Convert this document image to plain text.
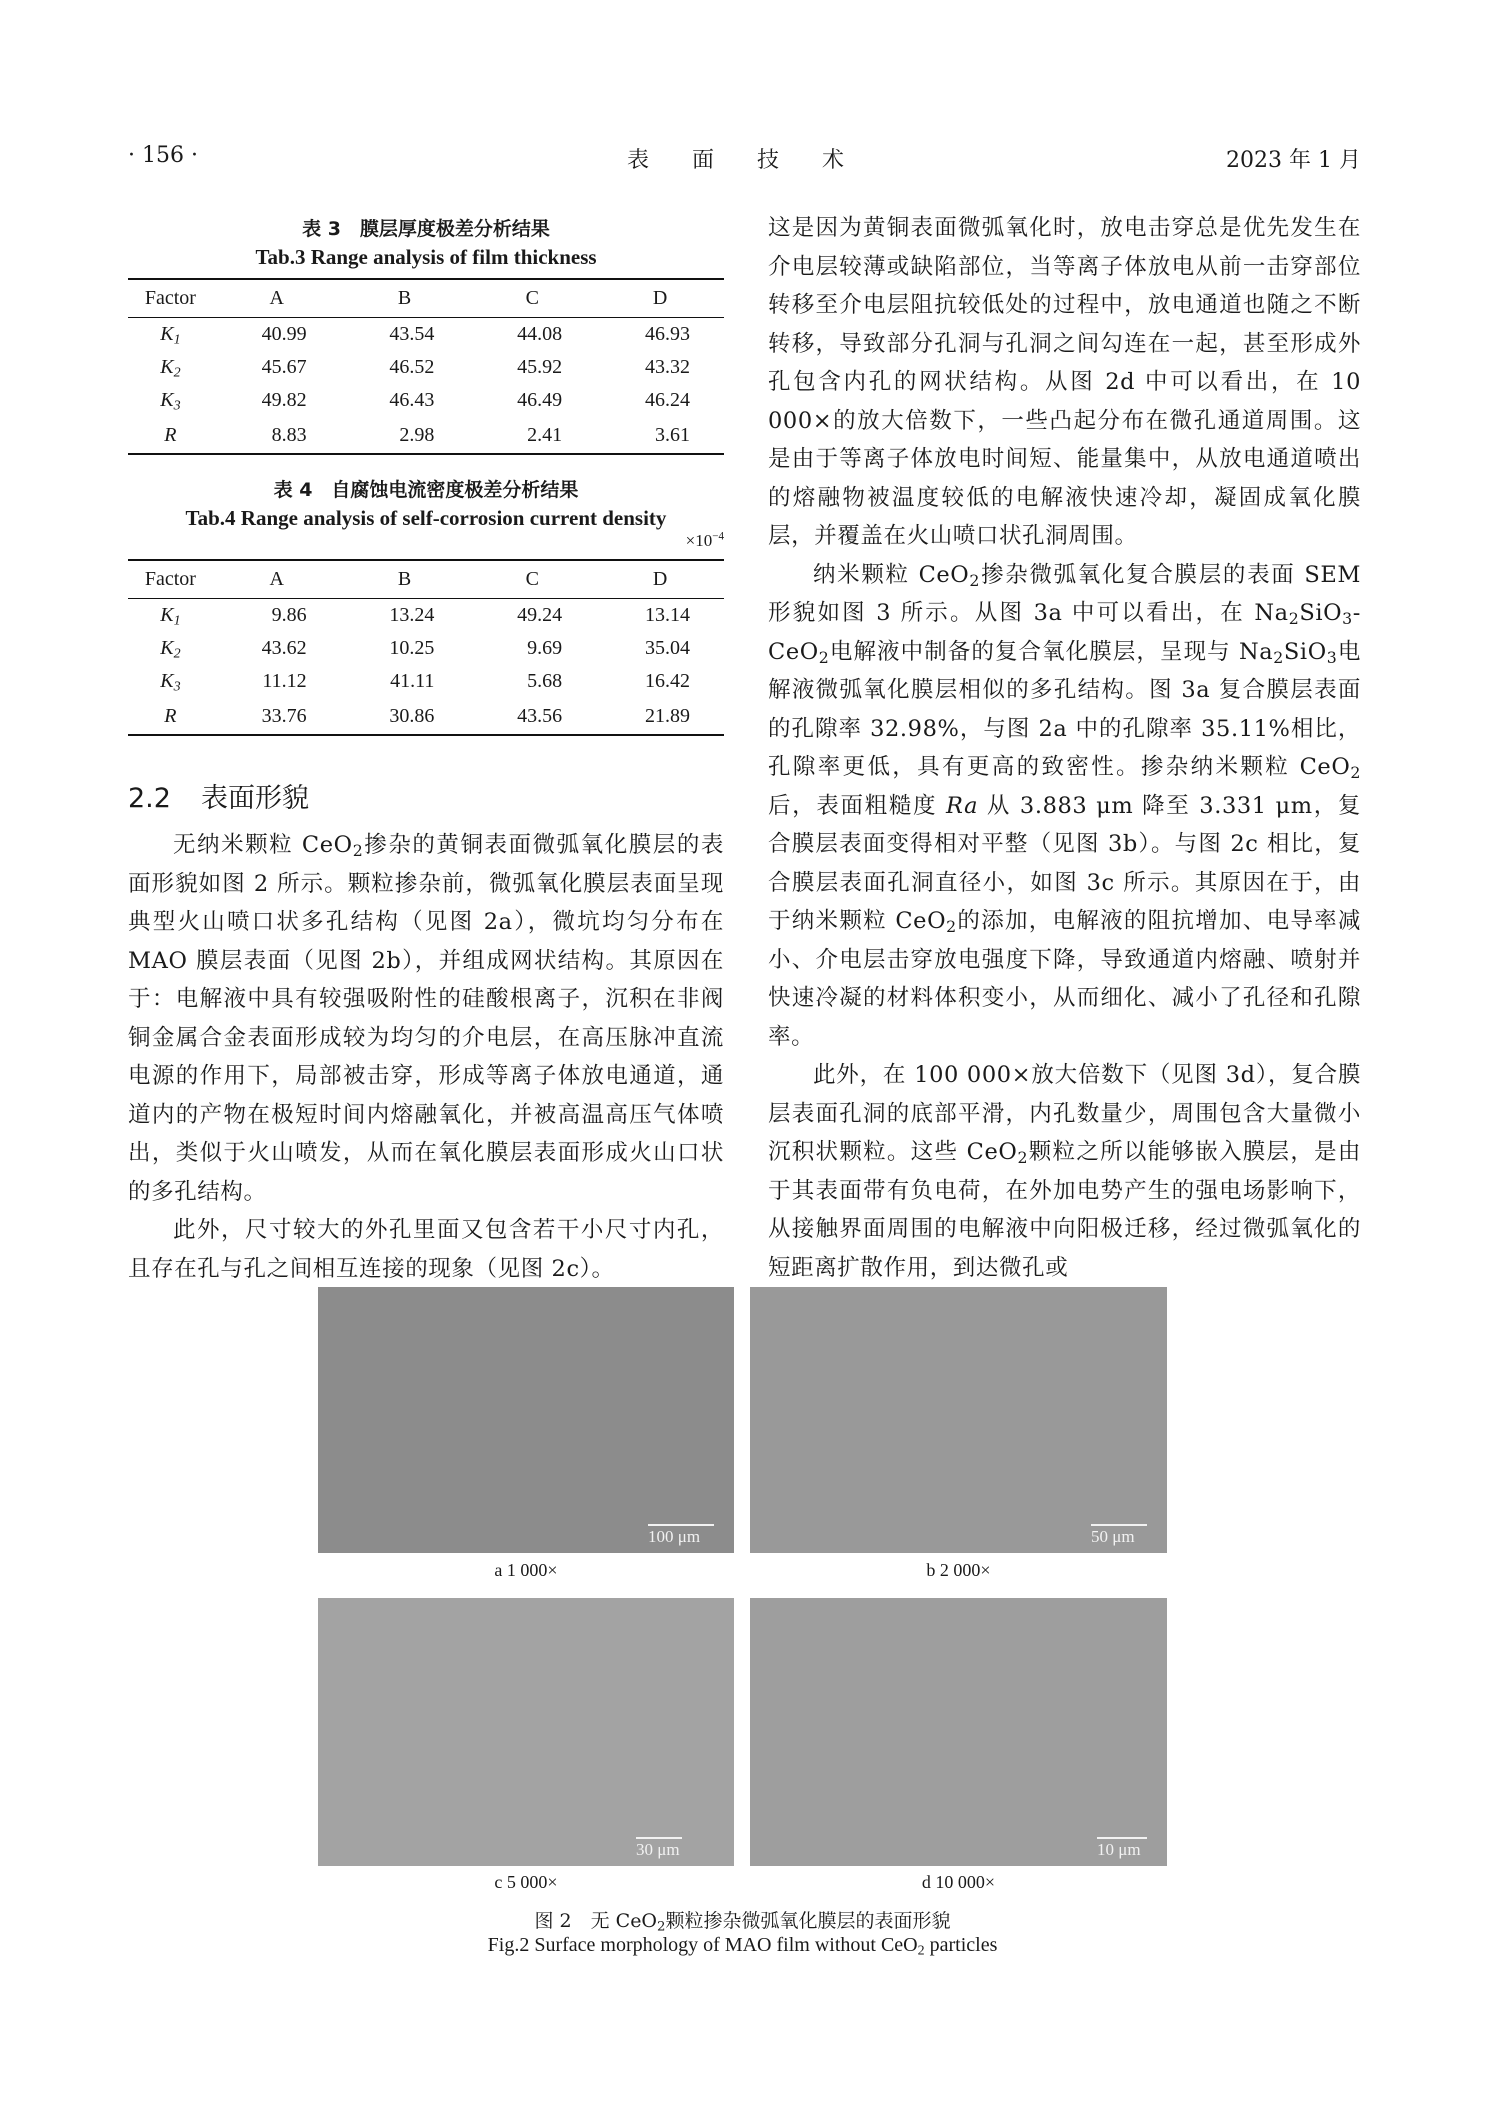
· 156 ·	表 面 技 术	2023 年 1 月
表 3　膜层厚度极差分析结果
Tab.3 Range analysis of film thickness
Factor	A	B	C	D
$K_1$	40.99	43.54	44.08	46.93
$K_2$	45.67	46.52	45.92	43.32
$K_3$	49.82	46.43	46.49	46.24
R	8.83	2.98	2.41	3.61
表 4　自腐蚀电流密度极差分析结果
Tab.4 Range analysis of self-corrosion current density
$\times 10^{-4}$
Factor	A	B	C	D
$K_1$	9.86	13.24	49.24	13.14
$K_2$	43.62	10.25	9.69	35.04
$K_3$	11.12	41.11	5.68	16.42
R	33.76	30.86	43.56	21.89
2.2 表面形貌

无纳米颗粒 CeO$_2$掺杂的黄铜表面微弧氧化膜层的表面形貌如图 2 所示。颗粒掺杂前，微弧氧化膜层表面呈现典型火山喷口状多孔结构（见图 2a），微坑均匀分布在 MAO 膜层表面（见图 2b），并组成网状结构。其原因在于：电解液中具有较强吸附性的硅酸根离子，沉积在非阀铜金属合金表面形成较为均匀的介电层，在高压脉冲直流电源的作用下，局部被击穿，形成等离子体放电通道，通道内的产物在极短时间内熔融氧化，并被高温高压气体喷出，类似于火山喷发，从而在氧化膜层表面形成火山口状的多孔结构。

此外，尺寸较大的外孔里面又包含若干小尺寸内孔，且存在孔与孔之间相互连接的现象（见图 2c）。

这是因为黄铜表面微弧氧化时，放电击穿总是优先发生在介电层较薄或缺陷部位，当等离子体放电从前一击穿部位转移至介电层阻抗较低处的过程中，放电通道也随之不断转移，导致部分孔洞与孔洞之间勾连在一起，甚至形成外孔包含内孔的网状结构。从图 2d 中可以看出，在 10 000×的放大倍数下，一些凸起分布在微孔通道周围。这是由于等离子体放电时间短、能量集中，从放电通道喷出的熔融物被温度较低的电解液快速冷却，凝固成氧化膜层，并覆盖在火山喷口状孔洞周围。

纳米颗粒 CeO$_2$掺杂微弧氧化复合膜层的表面 SEM 形貌如图 3 所示。从图 3a 中可以看出，在 $Na_2SiO_3-CeO_2$电解液中制备的复合氧化膜层，呈现与 $Na_2SiO_3$电解液微弧氧化膜层相似的多孔结构。图 3a 复合膜层表面的孔隙率 32.98%，与图 2a 中的孔隙率 35.11%相比，孔隙率更低，具有更高的致密性。掺杂纳米颗粒 CeO$_2$后，表面粗糙度 Ra 从 3.883 μm 降至 3.331 μm，复合膜层表面变得相对平整（见图 3b）。与图 2c 相比，复合膜层表面孔洞直径小，如图 3c 所示。其原因在于，由于纳米颗粒 CeO$_2$的添加，电解液的阻抗增加、电导率减小、介电层击穿放电强度下降，导致通道内熔融、喷射并快速冷凝的材料体积变小，从而细化、减小了孔径和孔隙率。

此外，在 100 000×放大倍数下（见图 3d），复合膜层表面孔洞的底部平滑，内孔数量少，周围包含大量微小沉积状颗粒。这些 CeO$_2$颗粒之所以能够嵌入膜层，是由于其表面带有负电荷，在外加电势产生的强电场影响下，从接触界面周围的电解液中向阳极迁移，经过微弧氧化的短距离扩散作用，到达微孔或

100 μm	50 μm
a 1 000×	b 2 000×
30 μm	10 μm
c 5 000×	d 10 000×
图 2　无 CeO$_2$颗粒掺杂微弧氧化膜层的表面形貌
Fig.2 Surface morphology of MAO film without CeO$_2$ particles
